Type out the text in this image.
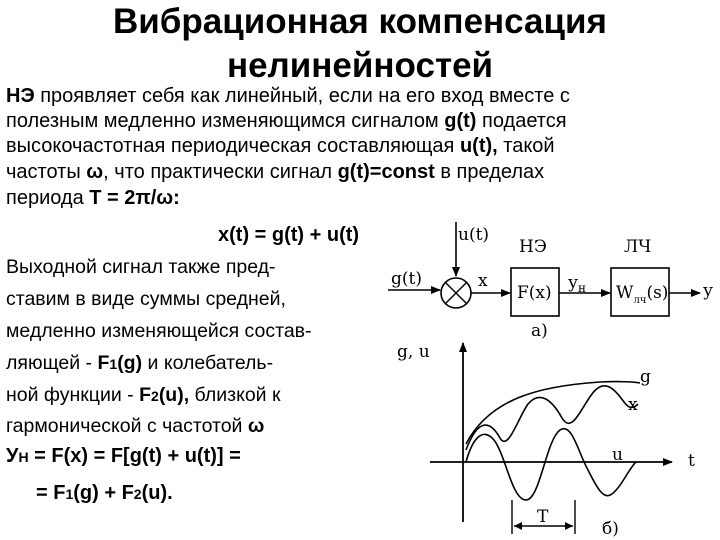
Вибрационная компенсация
нелинейностей
НЭ проявляет себя как линейный, если на его вход вместе с
полезным медленно изменяющимся сигналом g(t) подается
высокочастотная периодическая составляющая u(t), такой
частоты ω, что практически сигнал g(t)=const в пределах
периода T = 2π/ω:
x(t) = g(t) + u(t)
Выходной сигнал также пред-
ставим в виде суммы средней,
медленно изменяющейся состав-
ляющей - F1(g) и колебатель-
ной функции - F2(u), близкой к
гармонической с частотой ω
УН = F(x) = F[g(t) + u(t)] =
= F1(g) + F2(u).
u(t)
g(t)	x
НЭ
F(x) $у_н$
ЛЧ
$W_{лч}(s)$ у
а)
g, u
t
g
x
u
T
б)
